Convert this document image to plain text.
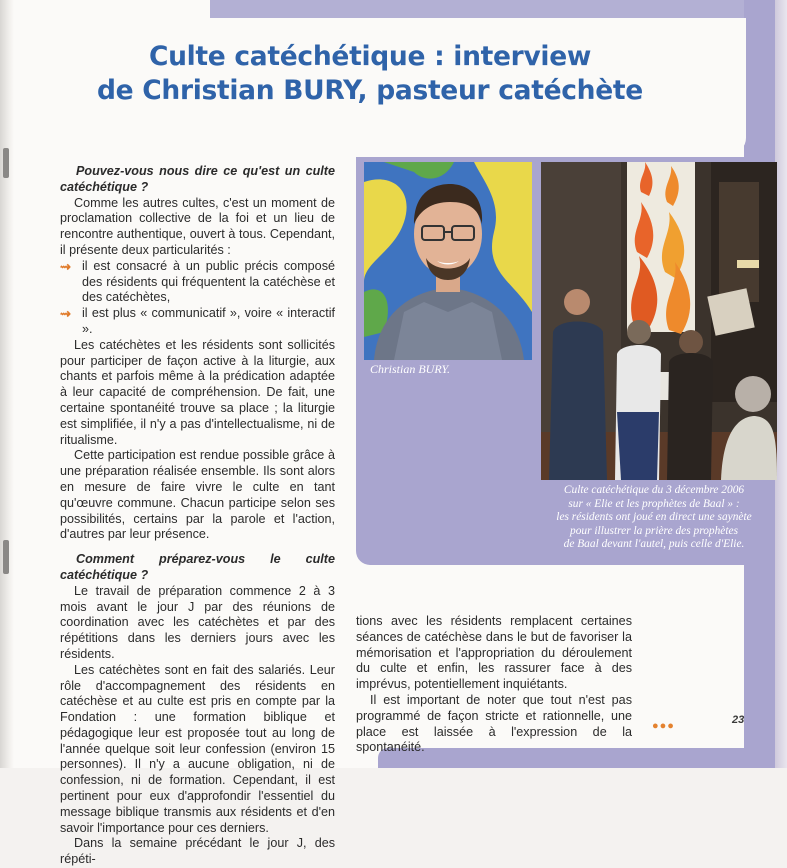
Culte catéchétique : interview
de Christian BURY, pasteur catéchète

Pouvez-vous nous dire ce qu'est un culte catéchétique ?

Comme les autres cultes, c'est un moment de proclamation collective de la foi et un lieu de rencontre authentique, ouvert à tous. Cependant, il présente deux particularités :

⇝ il est consacré à un public précis composé des résidents qui fréquentent la catéchèse et des catéchètes,
⇝ il est plus « communicatif », voire « interactif ».

Les catéchètes et les résidents sont sollicités pour participer de façon active à la liturgie, aux chants et parfois même à la prédication adaptée à leur capacité de compréhension. De fait, une certaine spontanéité trouve sa place ; la liturgie est simplifiée, il n'y a pas d'intellectualisme, ni de ritualisme.

Cette participation est rendue possible grâce à une préparation réalisée ensemble. Ils sont alors en mesure de faire vivre le culte en tant qu'œuvre commune. Chacun participe selon ses possibilités, certains par la parole et l'action, d'autres par leur présence.

Comment préparez-vous le culte catéchétique ?

Le travail de préparation commence 2 à 3 mois avant le jour J par des réunions de coordination avec les catéchètes et par des répétitions dans les derniers jours avec les résidents.

Les catéchètes sont en fait des salariés. Leur rôle d'accompagnement des résidents en catéchèse et au culte est pris en compte par la Fondation : une formation biblique et pédagogique leur est proposée tout au long de l'année quelque soit leur confession (environ 15 personnes). Il n'y a aucune obligation, ni de confession, ni de formation. Cependant, il est pertinent pour eux d'approfondir l'essentiel du message biblique transmis aux résidents et d'en savoir l'importance pour ces derniers.

Dans la semaine précédant le jour J, des répéti-

Christian BURY.

Culte catéchétique du 3 décembre 2006
sur « Elie et les prophètes de Baal » :
les résidents ont joué en direct une saynète
pour illustrer la prière des prophètes
de Baal devant l'autel, puis celle d'Elie.

tions avec les résidents remplacent certaines séances de catéchèse dans le but de favoriser la mémorisation et l'appropriation du déroulement du culte et enfin, les rassurer face à des imprévus, potentiellement inquiétants.

Il est important de noter que tout n'est pas programmé de façon stricte et rationnelle, une place est laissée à l'expression de la spontanéité.

●●●	23
